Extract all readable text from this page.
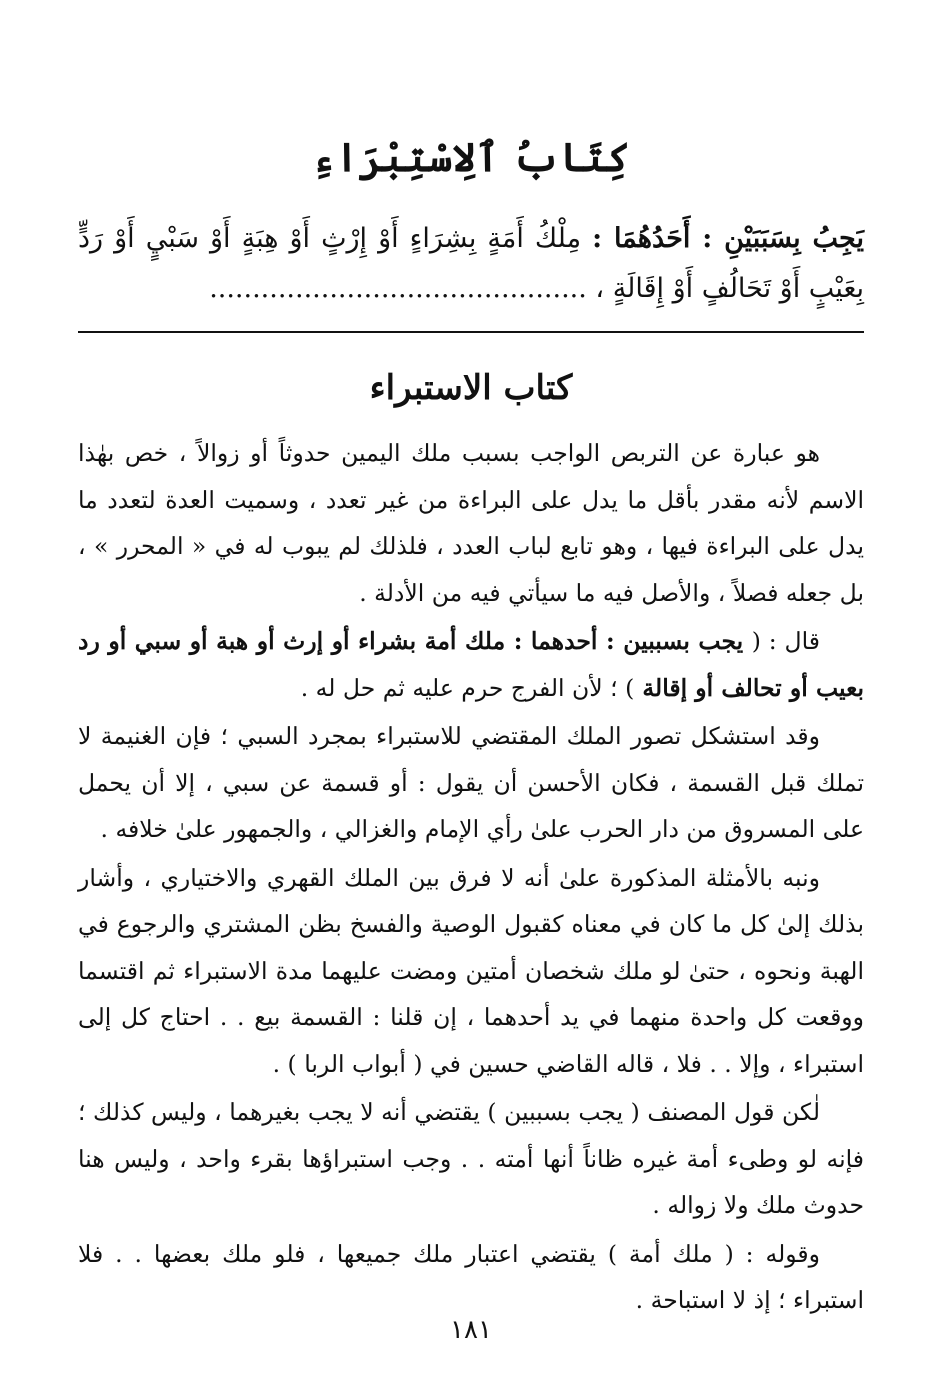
كِتَابُ ٱلِاسْتِبْرَاءِ
يَجِبُ بِسَبَبَيْنِ : أَحَدُهُمَا : مِلْكُ أَمَةٍ بِشِرَاءٍ أَوْ إِرْثٍ أَوْ هِبَةٍ أَوْ سَبْيٍ أَوْ رَدٍّ بِعَيْبٍ أَوْ تَحَالُفٍ أَوْ إِقَالَةٍ ، ............................................
كتاب الاستبراء

هو عبارة عن التربص الواجب بسبب ملك اليمين حدوثاً أو زوالاً ، خص بهٰذا الاسم لأنه مقدر بأقل ما يدل على البراءة من غير تعدد ، وسميت العدة لتعدد ما يدل على البراءة فيها ، وهو تابع لباب العدد ، فلذلك لم يبوب له في « المحرر » ، بل جعله فصلاً ، والأصل فيه ما سيأتي فيه من الأدلة .

قال : ( يجب بسببين : أحدهما : ملك أمة بشراء أو إرث أو هبة أو سبي أو رد بعيب أو تحالف أو إقالة ) ؛ لأن الفرج حرم عليه ثم حل له .

وقد استشكل تصور الملك المقتضي للاستبراء بمجرد السبي ؛ فإن الغنيمة لا تملك قبل القسمة ، فكان الأحسن أن يقول : أو قسمة عن سبي ، إلا أن يحمل على المسروق من دار الحرب علىٰ رأي الإمام والغزالي ، والجمهور علىٰ خلافه .

ونبه بالأمثلة المذكورة علىٰ أنه لا فرق بين الملك القهري والاختياري ، وأشار بذلك إلىٰ كل ما كان في معناه كقبول الوصية والفسخ بظن المشتري والرجوع في الهبة ونحوه ، حتىٰ لو ملك شخصان أمتين ومضت عليهما مدة الاستبراء ثم اقتسما ووقعت كل واحدة منهما في يد أحدهما ، إن قلنا : القسمة بيع . . احتاج كل إلى استبراء ، وإلا . . فلا ، قاله القاضي حسين في ( أبواب الربا ) .

لٰكن قول المصنف ( يجب بسببين ) يقتضي أنه لا يجب بغيرهما ، وليس كذلك ؛ فإنه لو وطىء أمة غيره ظاناً أنها أمته . . وجب استبراؤها بقرء واحد ، وليس هنا حدوث ملك ولا زواله .

وقوله : ( ملك أمة ) يقتضي اعتبار ملك جميعها ، فلو ملك بعضها . . فلا استبراء ؛ إذ لا استباحة .

١٨١
